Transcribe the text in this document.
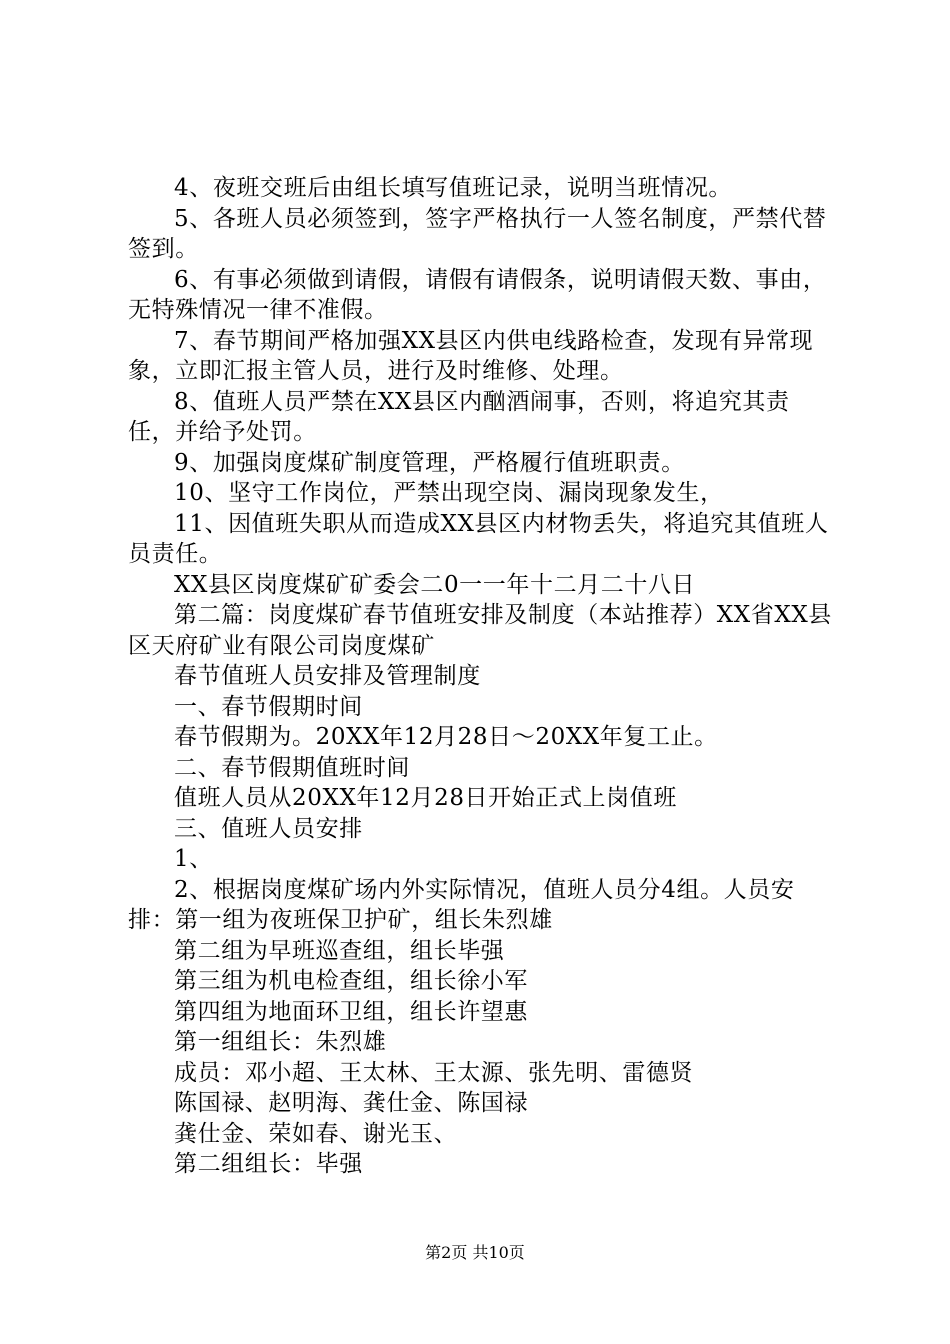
4、夜班交班后由组长填写值班记录，说明当班情况。

5、各班人员必须签到，签字严格执行一人签名制度，严禁代替签到。

6、有事必须做到请假，请假有请假条，说明请假天数、事由，无特殊情况一律不准假。

7、春节期间严格加强XX县区内供电线路检查，发现有异常现象，立即汇报主管人员，进行及时维修、处理。

8、值班人员严禁在XX县区内酗酒闹事，否则，将追究其责任，并给予处罚。

9、加强岗度煤矿制度管理，严格履行值班职责。

10、坚守工作岗位，严禁出现空岗、漏岗现象发生，

11、因值班失职从而造成XX县区内材物丢失，将追究其值班人员责任。

XX县区岗度煤矿矿委会二0一一年十二月二十八日

第二篇：岗度煤矿春节值班安排及制度（本站推荐）XX省XX县区天府矿业有限公司岗度煤矿

春节值班人员安排及管理制度

一、春节假期时间

春节假期为。20XX年12月28日～20XX年复工止。

二、春节假期值班时间

值班人员从20XX年12月28日开始正式上岗值班

三、值班人员安排

1、

2、根据岗度煤矿场内外实际情况，值班人员分4组。人员安排：第一组为夜班保卫护矿，组长朱烈雄

第二组为早班巡查组，组长毕强

第三组为机电检查组，组长徐小军

第四组为地面环卫组，组长许望惠

第一组组长：朱烈雄

成员：邓小超、王太林、王太源、张先明、雷德贤

陈国禄、赵明海、龚仕金、陈国禄

龚仕金、荣如春、谢光玉、

第二组组长：毕强

第2页 共10页
